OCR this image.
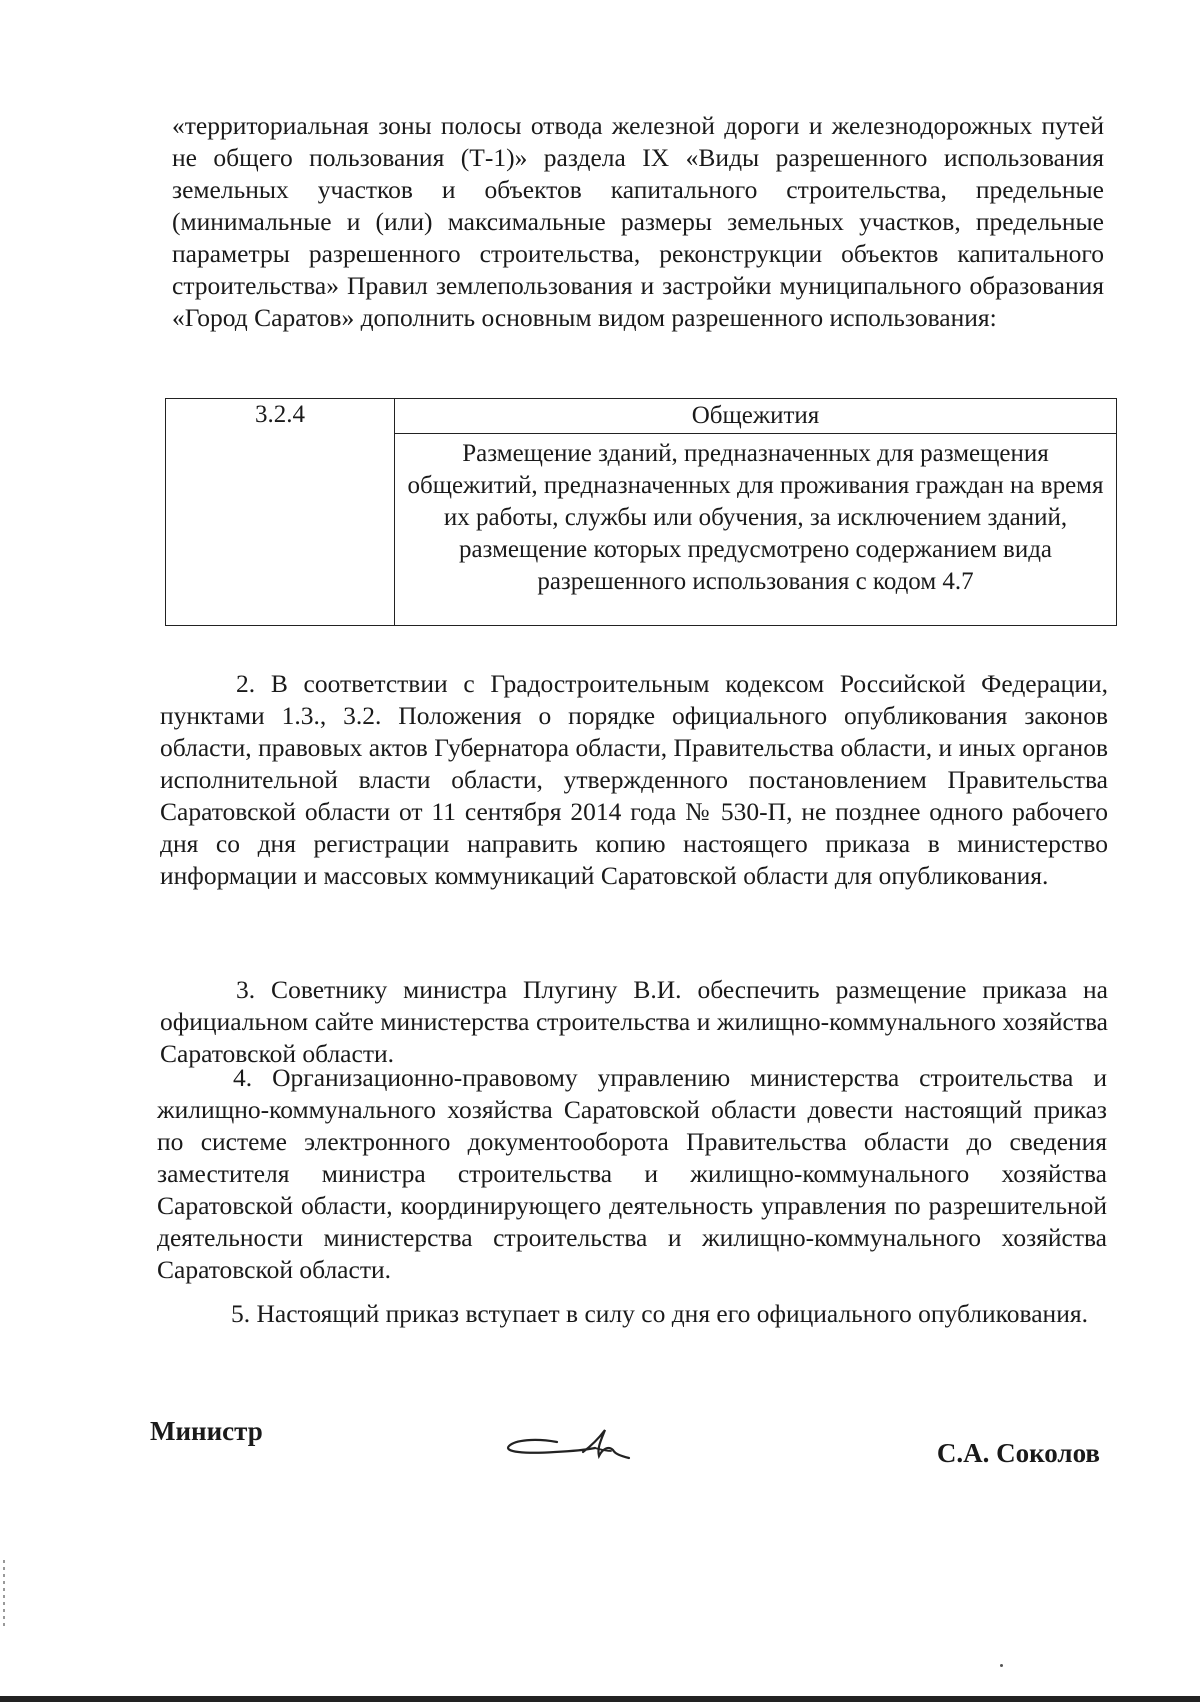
«территориальная зоны полосы отвода железной дороги и железнодорожных путей не общего пользования (Т-1)» раздела IX «Виды разрешенного использования земельных участков и объектов капитального строительства, предельные (минимальные и (или) максимальные размеры земельных участков, предельные параметры разрешенного строительства, реконструкции объектов капитального строительства» Правил землепользования и застройки муниципального образования «Город Саратов» дополнить основным видом разрешенного использования:

3.2.4	Общежития
Размещение зданий, предназначенных для размещения общежитий, предназначенных для проживания граждан на время их работы, службы или обучения, за исключением зданий, размещение которых предусмотрено содержанием вида разрешенного использования с кодом 4.7

2. В соответствии с Градостроительным кодексом Российской Федерации, пунктами 1.3., 3.2. Положения о порядке официального опубликования законов области, правовых актов Губернатора области, Правительства области, и иных органов исполнительной власти области, утвержденного постановлением Правительства Саратовской области от 11 сентября 2014 года № 530-П, не позднее одного рабочего дня со дня регистрации направить копию настоящего приказа в министерство информации и массовых коммуникаций Саратовской области для опубликования.

3. Советнику министра Плугину В.И. обеспечить размещение приказа на официальном сайте министерства строительства и жилищно-коммунального хозяйства Саратовской области.

4. Организационно-правовому управлению министерства строительства и жилищно-коммунального хозяйства Саратовской области довести настоящий приказ по системе электронного документооборота Правительства области до сведения заместителя министра строительства и жилищно-коммунального хозяйства Саратовской области, координирующего деятельность управления по разрешительной деятельности министерства строительства и жилищно-коммунального хозяйства Саратовской области.

5. Настоящий приказ вступает в силу со дня его официального опубликования.

Министр
С.А. Соколов
